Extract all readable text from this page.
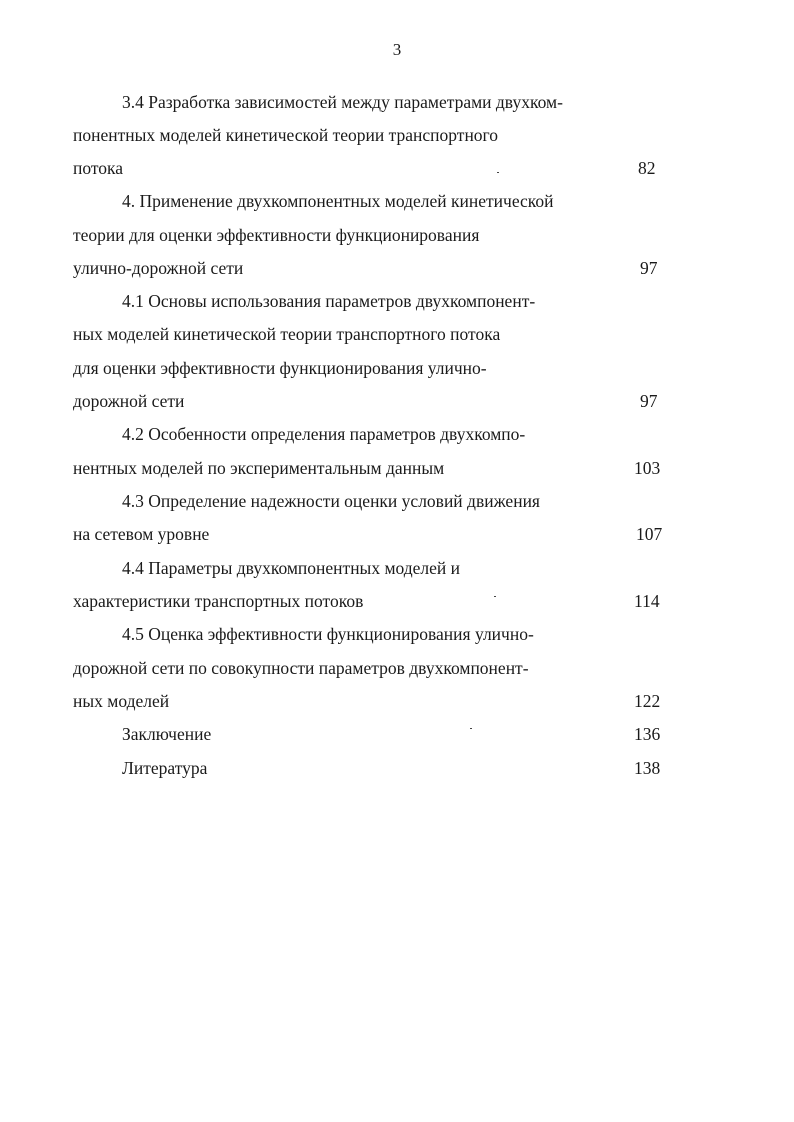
3
3.4 Разработка зависимостей между параметрами двухком-
понентных моделей кинетической теории транспортного
потока	82
4. Применение двухкомпонентных моделей кинетической
теории для оценки эффективности функционирования
улично-дорожной сети	97
4.1 Основы использования параметров двухкомпонент-
ных моделей кинетической теории транспортного потока
для оценки эффективности функционирования улично-
дорожной сети	97
4.2 Особенности определения параметров двухкомпо-
нентных моделей по экспериментальным данным	103
4.3 Определение надежности оценки условий движения
на сетевом уровне	107
4.4 Параметры двухкомпонентных моделей и
характеристики транспортных потоков	114
4.5 Оценка эффективности функционирования улично-
дорожной сети по совокупности параметров двухкомпонент-
ных моделей	122
Заключение	136
Литература	138
